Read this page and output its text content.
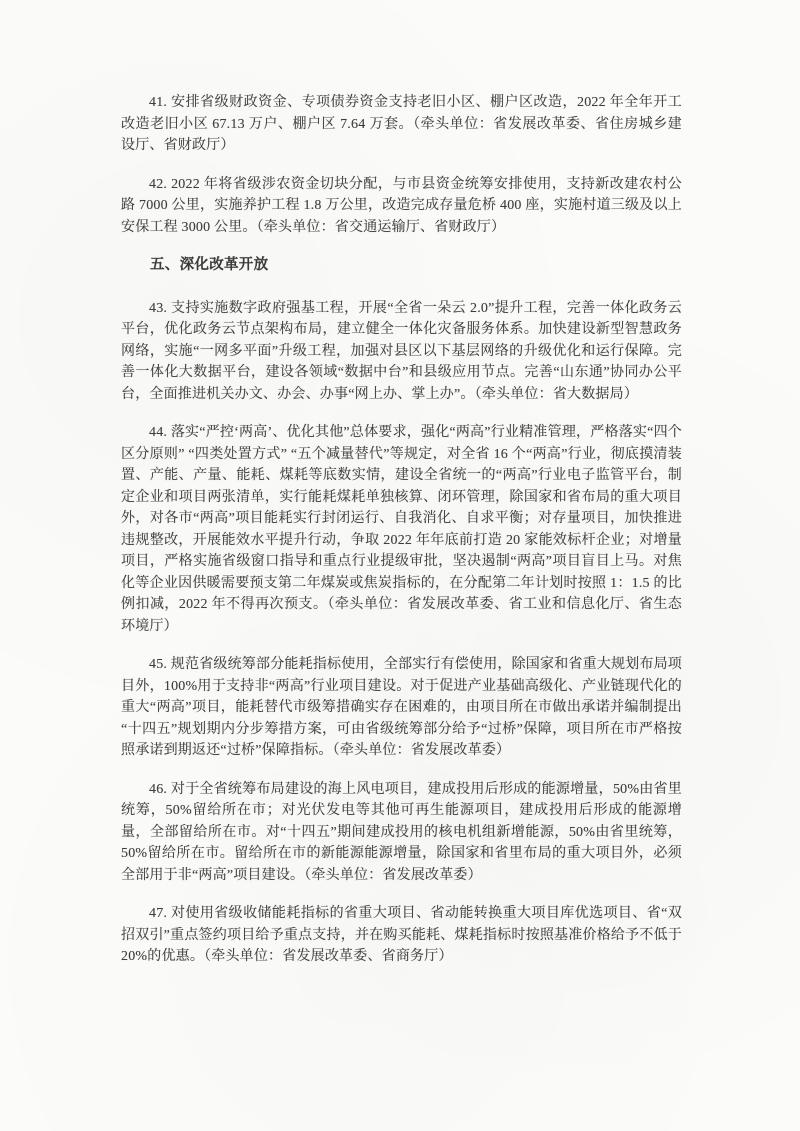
41. 安排省级财政资金、专项债券资金支持老旧小区、棚户区改造，2022 年全年开工改造老旧小区 67.13 万户、棚户区 7.64 万套。（牵头单位：省发展改革委、省住房城乡建设厅、省财政厅）

42. 2022 年将省级涉农资金切块分配，与市县资金统筹安排使用，支持新改建农村公路 7000 公里，实施养护工程 1.8 万公里，改造完成存量危桥 400 座，实施村道三级及以上安保工程 3000 公里。（牵头单位：省交通运输厅、省财政厅）

五、深化改革开放

43. 支持实施数字政府强基工程，开展“全省一朵云 2.0”提升工程，完善一体化政务云平台，优化政务云节点架构布局，建立健全一体化灾备服务体系。加快建设新型智慧政务网络，实施“一网多平面”升级工程，加强对县区以下基层网络的升级优化和运行保障。完善一体化大数据平台，建设各领域“数据中台”和县级应用节点。完善“山东通”协同办公平台，全面推进机关办文、办会、办事“网上办、掌上办”。（牵头单位：省大数据局）

44. 落实“严控‘两高’、优化其他”总体要求，强化“两高”行业精准管理，严格落实“四个区分原则” “四类处置方式” “五个减量替代”等规定，对全省 16 个“两高”行业，彻底摸清装置、产能、产量、能耗、煤耗等底数实情，建设全省统一的“两高”行业电子监管平台，制定企业和项目两张清单，实行能耗煤耗单独核算、闭环管理，除国家和省布局的重大项目外，对各市“两高”项目能耗实行封闭运行、自我消化、自求平衡；对存量项目，加快推进违规整改，开展能效水平提升行动，争取 2022 年年底前打造 20 家能效标杆企业；对增量项目，严格实施省级窗口指导和重点行业提级审批，坚决遏制“两高”项目盲目上马。对焦化等企业因供暖需要预支第二年煤炭或焦炭指标的，在分配第二年计划时按照 1：1.5 的比例扣减，2022 年不得再次预支。（牵头单位：省发展改革委、省工业和信息化厅、省生态环境厅）

45. 规范省级统筹部分能耗指标使用，全部实行有偿使用，除国家和省重大规划布局项目外，100%用于支持非“两高”行业项目建设。对于促进产业基础高级化、产业链现代化的重大“两高”项目，能耗替代市级筹措确实存在困难的，由项目所在市做出承诺并编制提出“十四五”规划期内分步筹措方案，可由省级统筹部分给予“过桥”保障，项目所在市严格按照承诺到期返还“过桥”保障指标。（牵头单位：省发展改革委）

46. 对于全省统筹布局建设的海上风电项目，建成投用后形成的能源增量，50%由省里统筹，50%留给所在市；对光伏发电等其他可再生能源项目，建成投用后形成的能源增量，全部留给所在市。对“十四五”期间建成投用的核电机组新增能源，50%由省里统筹，50%留给所在市。留给所在市的新能源能源增量，除国家和省里布局的重大项目外，必须全部用于非“两高”项目建设。（牵头单位：省发展改革委）

47. 对使用省级收储能耗指标的省重大项目、省动能转换重大项目库优选项目、省“双招双引”重点签约项目给予重点支持，并在购买能耗、煤耗指标时按照基准价格给予不低于 20%的优惠。（牵头单位：省发展改革委、省商务厅）
